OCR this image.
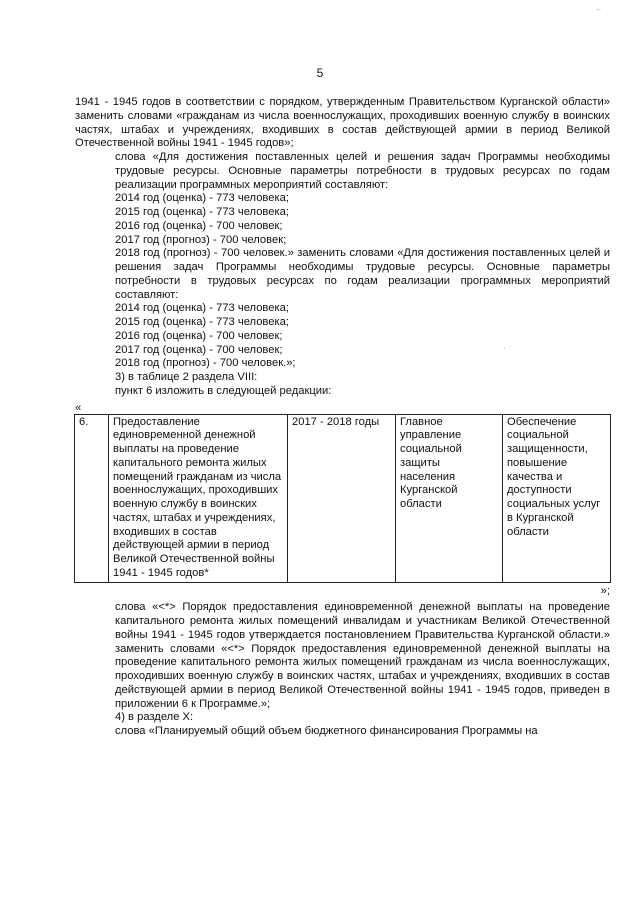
-·
·
5

1941 - 1945 годов в соответствии с порядком, утвержденным Правительством Курганской области» заменить словами «гражданам из числа военнослужащих, проходивших военную службу в воинских частях, штабах и учреждениях, входивших в состав действующей армии в период Великой Отечественной войны 1941 - 1945 годов»;

слова «Для достижения поставленных целей и решения задач Программы необходимы трудовые ресурсы. Основные параметры потребности в трудовых ресурсах по годам реализации программных мероприятий составляют:

2014 год (оценка) - 773 человека;
2015 год (оценка) - 773 человека;
2016 год (оценка) - 700 человек;
2017 год (прогноз) - 700 человек;

2018 год (прогноз) - 700 человек.» заменить словами «Для достижения поставленных целей и решения задач Программы необходимы трудовые ресурсы. Основные параметры потребности в трудовых ресурсах по годам реализации программных мероприятий составляют:

2014 год (оценка) - 773 человека;
2015 год (оценка) - 773 человека;
2016 год (оценка) - 700 человек;
2017 год (оценка) - 700 человек;
2018 год (прогноз) - 700 человек.»;

3) в таблице 2 раздела VIII:

пункт 6 изложить в следующей редакции:

«

6.	Предоставление единовременной денежной выплаты на проведение капитального ремонта жилых помещений гражданам из числа военнослужащих, проходивших военную службу в воинских частях, штабах и учреждениях, входивших в состав действующей армии в период Великой Отечественной войны 1941 - 1945 годов*	2017 - 2018 годы	Главное управление социальной защиты населения Курганской области	Обеспечение социальной защищенности, повышение качества и доступности социальных услуг в Курганской области
»;

слова «<*> Порядок предоставления единовременной денежной выплаты на проведение капитального ремонта жилых помещений инвалидам и участникам Великой Отечественной войны 1941 - 1945 годов утверждается постановлением Правительства Курганской области.» заменить словами «<*> Порядок предоставления единовременной денежной выплаты на проведение капитального ремонта жилых помещений гражданам из числа военнослужащих, проходивших военную службу в воинских частях, штабах и учреждениях, входивших в состав действующей армии в период Великой Отечественной войны 1941 - 1945 годов, приведен в приложении 6 к Программе.»;

4) в разделе X:

слова «Планируемый общий объем бюджетного финансирования Программы на
